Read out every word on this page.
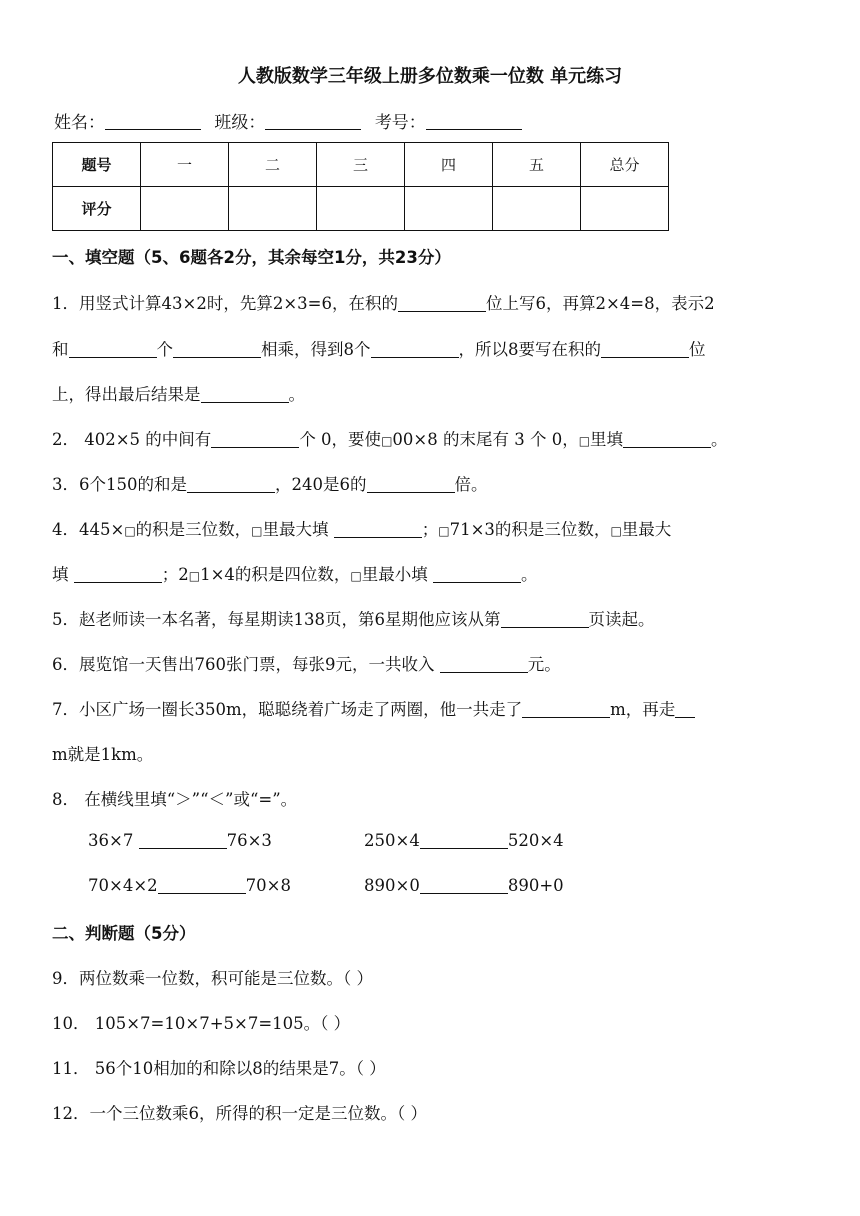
人教版数学三年级上册多位数乘一位数 单元练习
姓名：	班级：	考号：
题号	一	二	三	四	五	总分
评分						
一、填空题（5、6题各2分，其余每空1分，共23分）
1．用竖式计算43×2时，先算2×3=6，在积的	位上写6，再算2×4=8，表示2
和	个	相乘，得到8个	，所以8要写在积的	位
上，得出最后结果是	。
2． 402×5 的中间有	个 0，要使□00×8 的末尾有 3 个 0，□里填	。
3．6个150的和是	，240是6的	倍。
4．445×□的积是三位数，□里最大填	；□71×3的积是三位数，□里最大
填	；2□1×4的积是四位数，□里最小填	。
5．赵老师读一本名著，每星期读138页，第6星期他应该从第	页读起。
6．展览馆一天售出760张门票，每张9元，一共收入	元。
7．小区广场一圈长350m，聪聪绕着广场走了两圈，他一共走了	m，再走
m就是1km。
8． 在横线里填“＞”“＜”或“=”。
36×7	76×3	250×4	520×4
70×4×2	70×8	890×0	890+0
二、判断题（5分）
9．两位数乘一位数，积可能是三位数。（ ）
10． 105×7=10×7+5×7=105。（ ）
11． 56个10相加的和除以8的结果是7。（ ）
12．一个三位数乘6，所得的积一定是三位数。（ ）
